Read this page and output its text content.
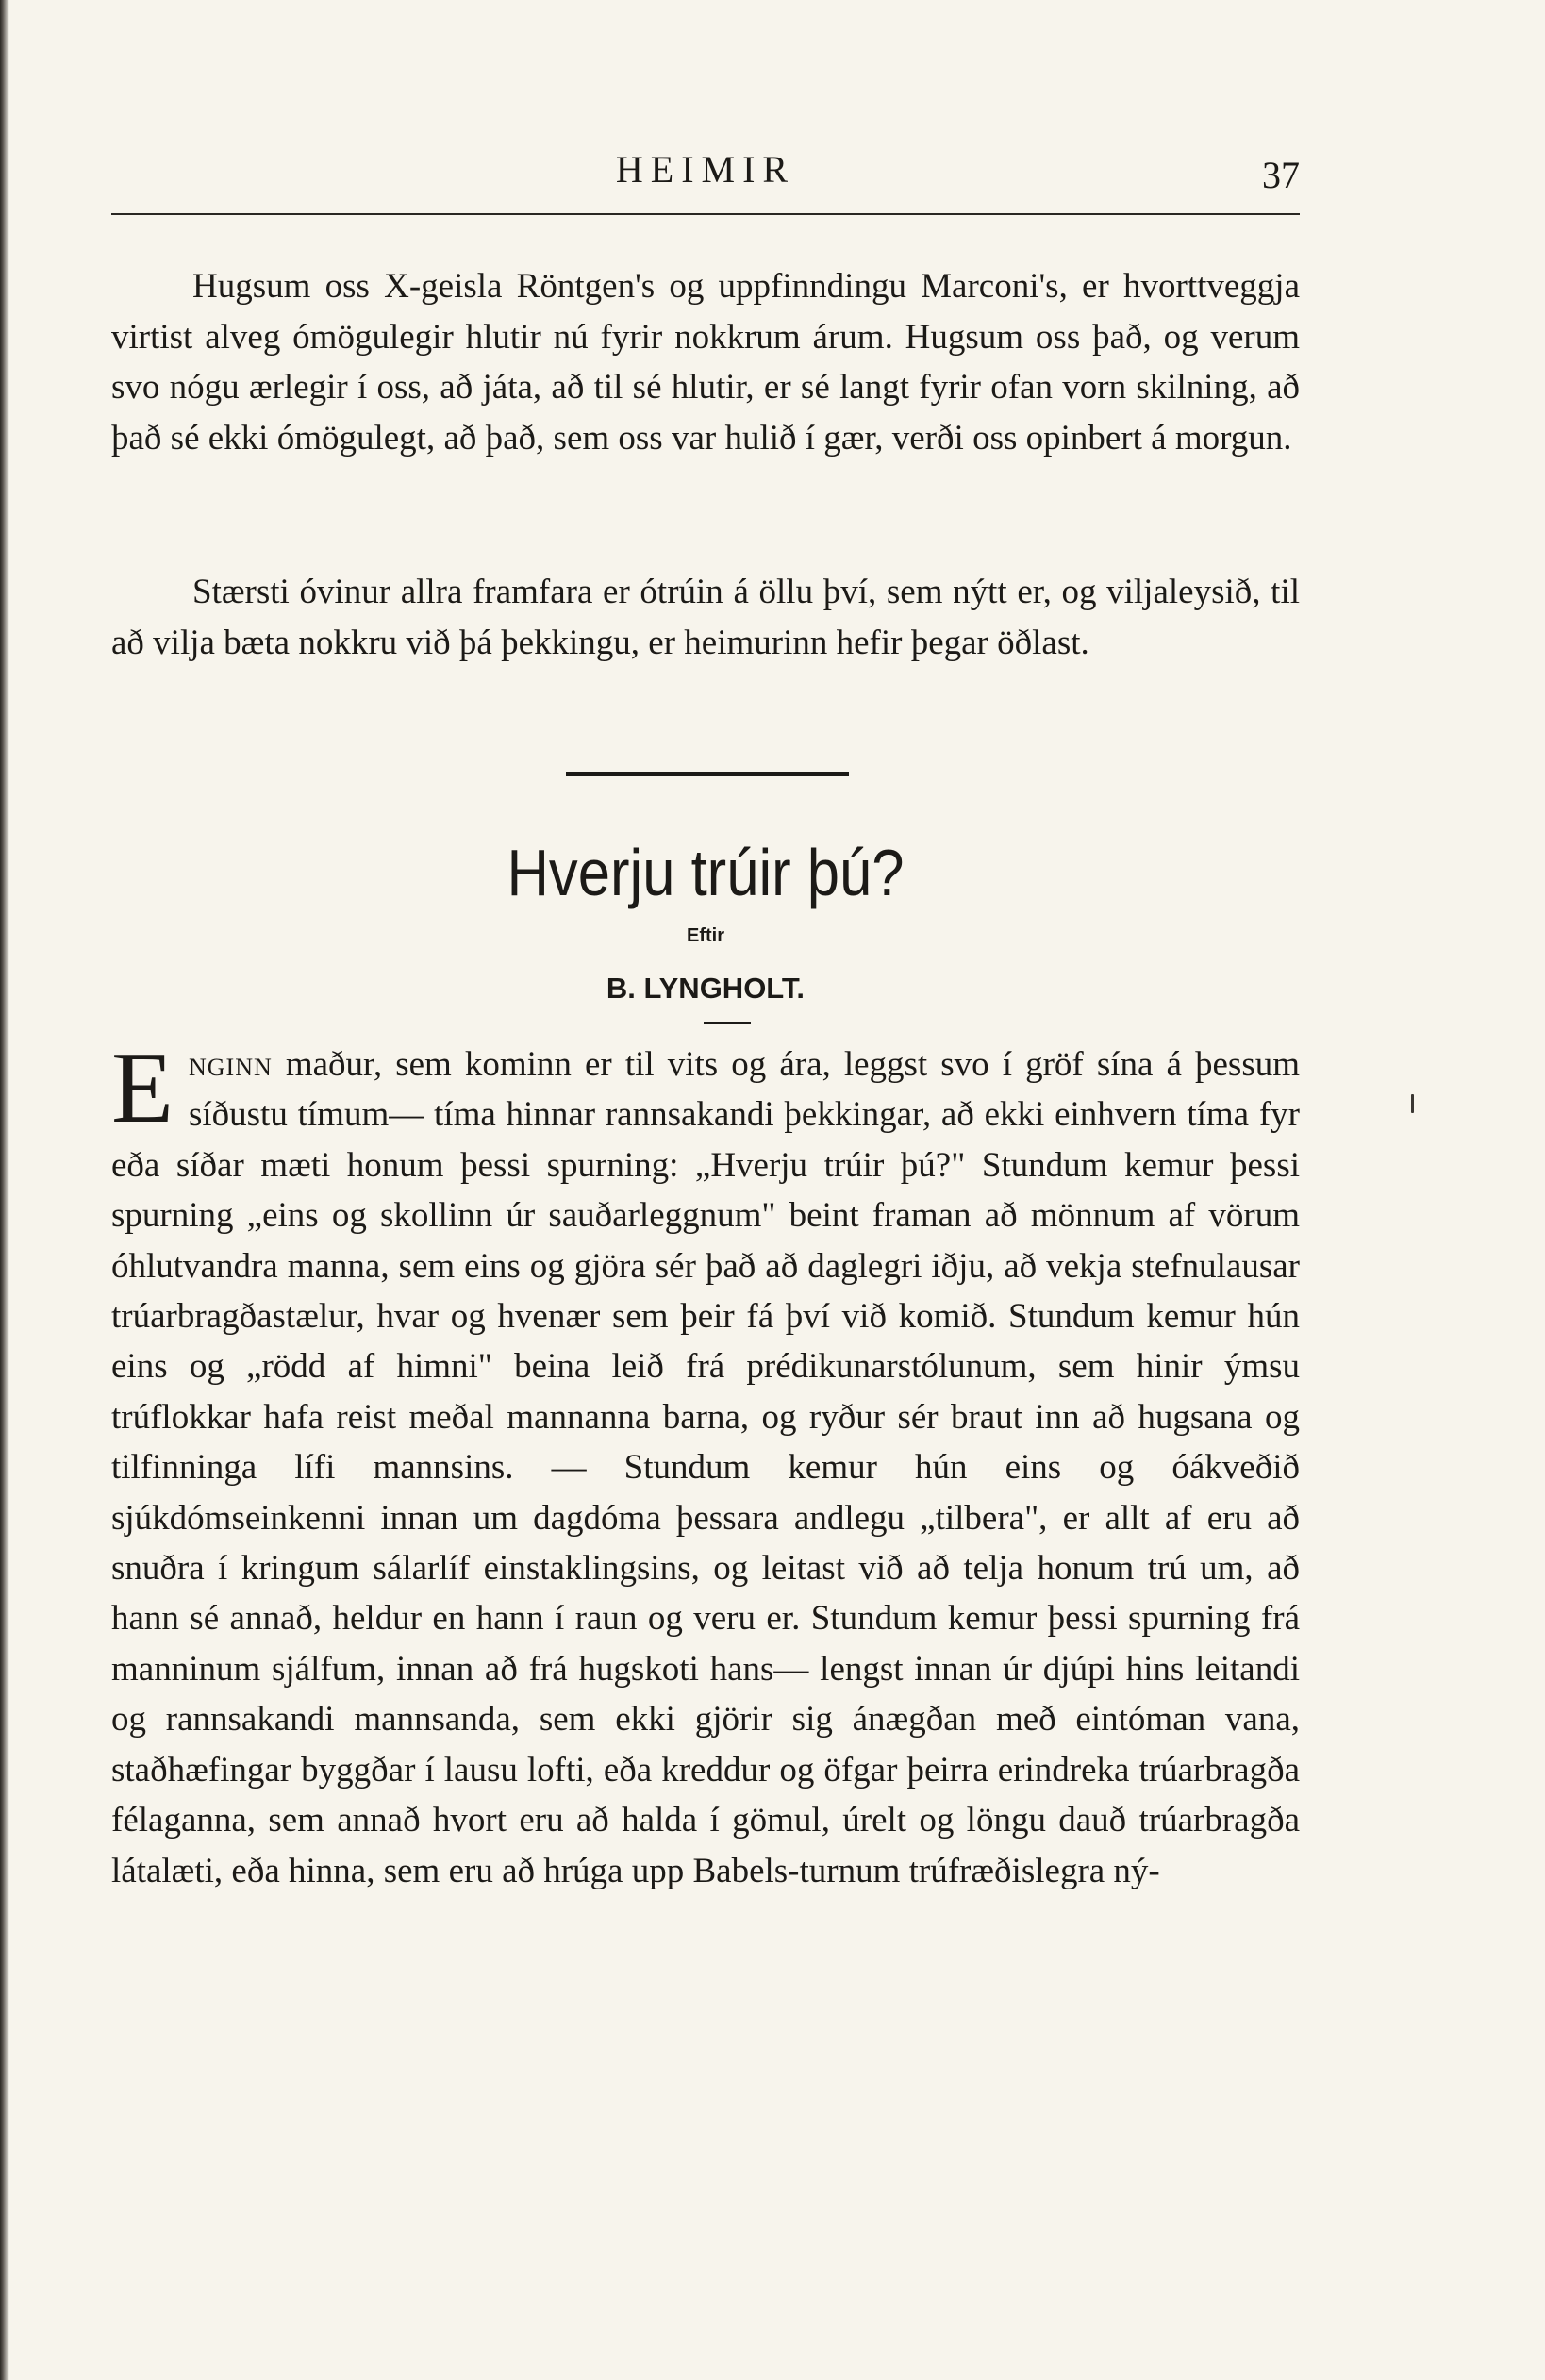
HEIMIR	37

Hugsum oss X-geisla Röntgen's og uppfinndingu Marconi's, er hvorttveggja virtist alveg ómögulegir hlutir nú fyrir nokkrum árum. Hugsum oss það, og verum svo nógu ærlegir í oss, að játa, að til sé hlutir, er sé langt fyrir ofan vorn skilning, að það sé ekki ómögulegt, að það, sem oss var hulið í gær, verði oss opinbert á morgun.

Stærsti óvinur allra framfara er ótrúin á öllu því, sem nýtt er, og viljaleysið, til að vilja bæta nokkru við þá þekkingu, er heimurinn hefir þegar öðlast.

Hverju trúir þú?
Eftir
B. LYNGHOLT.

Enginn maður, sem kominn er til vits og ára, leggst svo í gröf sína á þessum síðustu tímum— tíma hinnar rannsakandi þekkingar, að ekki einhvern tíma fyr eða síðar mæti honum þessi spurning: „Hverju trúir þú?" Stundum kemur þessi spurning „eins og skollinn úr sauðarleggnum" beint framan að mönnum af vörum óhlutvandra manna, sem eins og gjöra sér það að daglegri iðju, að vekja stefnulausar trúarbragðastælur, hvar og hvenær sem þeir fá því við komið. Stundum kemur hún eins og „rödd af himni" beina leið frá prédikunarstólunum, sem hinir ýmsu trúflokkar hafa reist meðal mannanna barna, og ryður sér braut inn að hugsana og tilfinninga lífi mannsins. — Stundum kemur hún eins og óákveðið sjúkdómseinkenni innan um dagdóma þessara andlegu „tilbera", er allt af eru að snuðra í kringum sálarlíf einstaklingsins, og leitast við að telja honum trú um, að hann sé annað, heldur en hann í raun og veru er. Stundum kemur þessi spurning frá manninum sjálfum, innan að frá hugskoti hans— lengst innan úr djúpi hins leitandi og rannsakandi mannsanda, sem ekki gjörir sig ánægðan með eintóman vana, staðhæfingar byggðar í lausu lofti, eða kreddur og öfgar þeirra erindreka trúarbragða félaganna, sem annað hvort eru að halda í gömul, úrelt og löngu dauð trúarbragða látalæti, eða hinna, sem eru að hrúga upp Babels-turnum trúfræðislegra ný-
